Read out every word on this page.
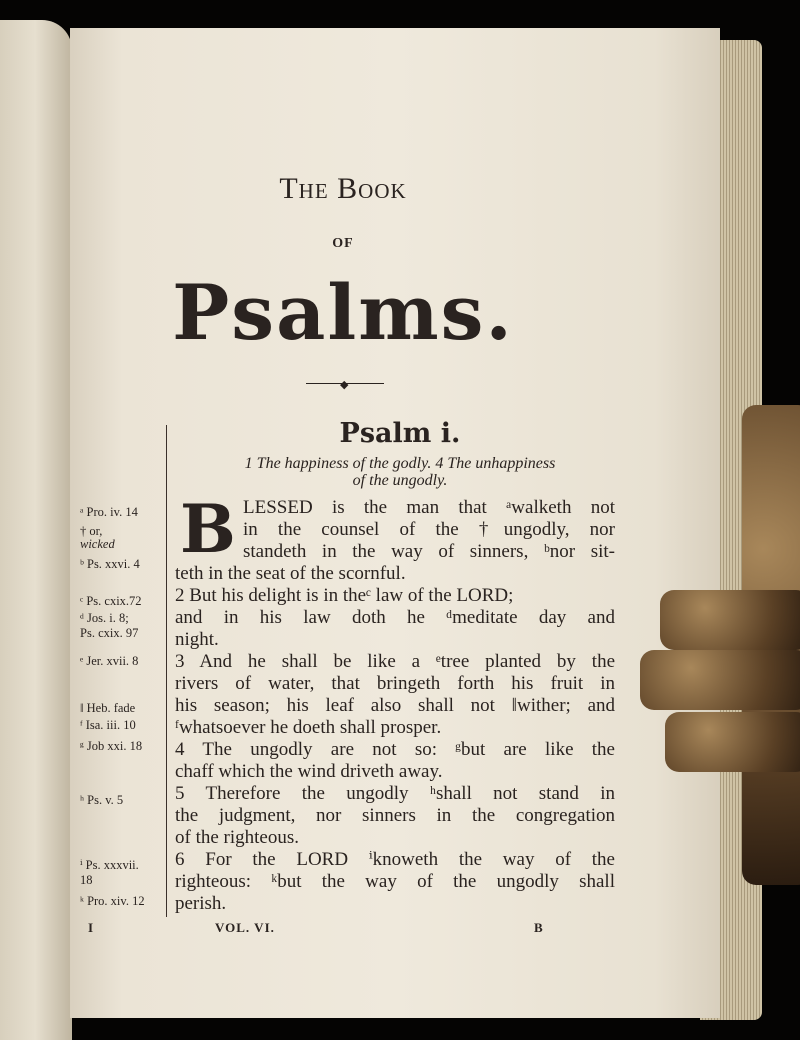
The Book
OF
Psalms.
◆
Psalm i.
1 The happiness of the godly. 4 The unhappiness
of the ungodly.
B LESSED is the man that ᵃwalketh not
in the counsel of the †ungodly, nor
standeth in the way of sinners, ᵇnor sit-
teth in the seat of the scornful.
2 But his delight is in theᶜ law of the LORD;
and in his law doth he ᵈmeditate day and
night.
3 And he shall be like a ᵉtree planted by the
rivers of water, that bringeth forth his fruit in
his season; his leaf also shall not ‖wither; and
ᶠwhatsoever he doeth shall prosper.
4 The ungodly are not so: ᵍbut are like the
chaff which the wind driveth away.
5 Therefore the ungodly ʰshall not stand in
the judgment, nor sinners in the congregation
of the righteous.
6 For the LORD ⁱknoweth the way of the
righteous: ᵏbut the way of the ungodly shall
perish.
ᵃ Pro. iv. 14
† or,
wicked
ᵇ Ps. xxvi. 4
ᶜ Ps. cxix.72
ᵈ Jos. i. 8;
Ps. cxix. 97
ᵉ Jer. xvii. 8
‖ Heb. fade
ᶠ Isa. iii. 10
ᵍ Job xxi. 18
ʰ Ps. v. 5
ⁱ Ps. xxxvii.
18
ᵏ Pro. xiv. 12
I	VOL. VI.	B
